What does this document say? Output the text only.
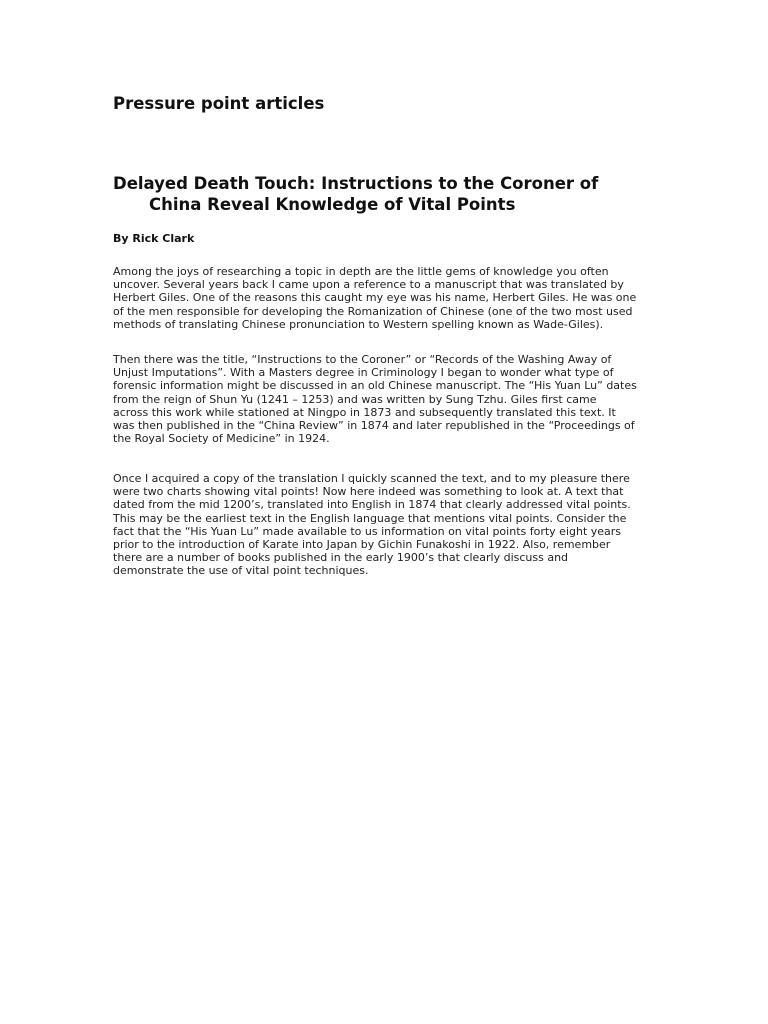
Pressure point articles
Delayed Death Touch: Instructions to the Coroner of
China Reveal Knowledge of Vital Points

By Rick Clark

Among the joys of researching a topic in depth are the little gems of knowledge you often
uncover. Several years back I came upon a reference to a manuscript that was translated by
Herbert Giles. One of the reasons this caught my eye was his name, Herbert Giles. He was one
of the men responsible for developing the Romanization of Chinese (one of the two most used
methods of translating Chinese pronunciation to Western spelling known as Wade-Giles).

Then there was the title, “Instructions to the Coroner” or “Records of the Washing Away of
Unjust Imputations”. With a Masters degree in Criminology I began to wonder what type of
forensic information might be discussed in an old Chinese manuscript. The “His Yuan Lu” dates
from the reign of Shun Yu (1241 – 1253) and was written by Sung Tzhu. Giles first came
across this work while stationed at Ningpo in 1873 and subsequently translated this text. It
was then published in the “China Review” in 1874 and later republished in the “Proceedings of
the Royal Society of Medicine” in 1924.

Once I acquired a copy of the translation I quickly scanned the text, and to my pleasure there
were two charts showing vital points! Now here indeed was something to look at. A text that
dated from the mid 1200’s, translated into English in 1874 that clearly addressed vital points.
This may be the earliest text in the English language that mentions vital points. Consider the
fact that the “His Yuan Lu” made available to us information on vital points forty eight years
prior to the introduction of Karate into Japan by Gichin Funakoshi in 1922. Also, remember
there are a number of books published in the early 1900’s that clearly discuss and
demonstrate the use of vital point techniques.
